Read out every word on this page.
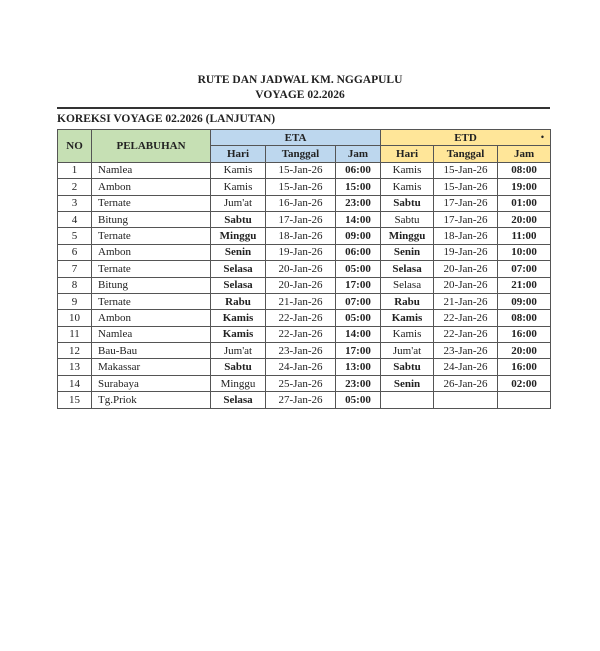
RUTE DAN JADWAL KM. NGGAPULU
VOYAGE 02.2026
KOREKSI VOYAGE 02.2026 (LANJUTAN)
NO	PELABUHAN	ETA			ETD •		

		Hari	Tanggal	Jam	Hari	Tanggal	Jam
1	Namlea	Kamis	15-Jan-26	06:00	Kamis	15-Jan-26	08:00
2	Ambon	Kamis	15-Jan-26	15:00	Kamis	15-Jan-26	19:00
3	Ternate	Jum'at	16-Jan-26	23:00	Sabtu	17-Jan-26	01:00
4	Bitung	Sabtu	17-Jan-26	14:00	Sabtu	17-Jan-26	20:00
5	Ternate	Minggu	18-Jan-26	09:00	Minggu	18-Jan-26	11:00
6	Ambon	Senin	19-Jan-26	06:00	Senin	19-Jan-26	10:00
7	Ternate	Selasa	20-Jan-26	05:00	Selasa	20-Jan-26	07:00
8	Bitung	Selasa	20-Jan-26	17:00	Selasa	20-Jan-26	21:00
9	Ternate	Rabu	21-Jan-26	07:00	Rabu	21-Jan-26	09:00
10	Ambon	Kamis	22-Jan-26	05:00	Kamis	22-Jan-26	08:00
11	Namlea	Kamis	22-Jan-26	14:00	Kamis	22-Jan-26	16:00
12	Bau-Bau	Jum'at	23-Jan-26	17:00	Jum'at	23-Jan-26	20:00
13	Makassar	Sabtu	24-Jan-26	13:00	Sabtu	24-Jan-26	16:00
14	Surabaya	Minggu	25-Jan-26	23:00	Senin	26-Jan-26	02:00
15	Tg.Priok	Selasa	27-Jan-26	05:00			
